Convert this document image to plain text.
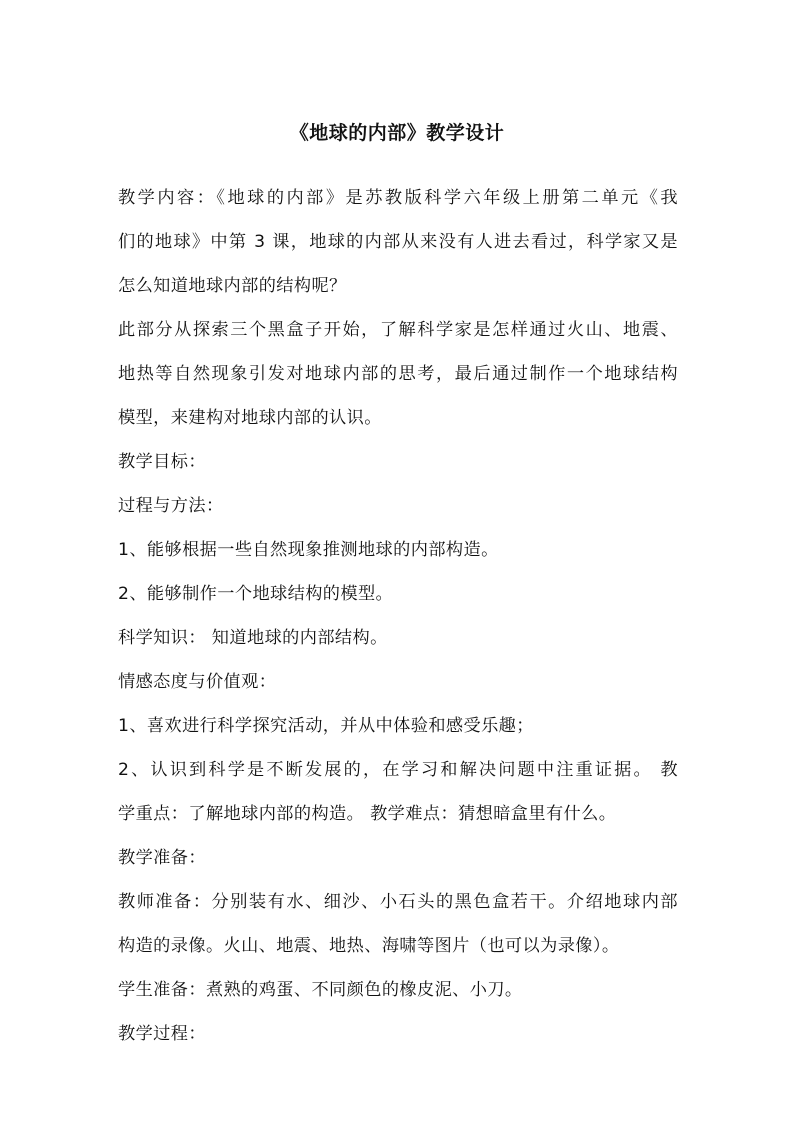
《地球的内部》教学设计
教学内容：《地球的内部》是苏教版科学六年级上册第二单元《我
们的地球》中第 3 课，地球的内部从来没有人进去看过，科学家又是
怎么知道地球内部的结构呢？
此部分从探索三个黑盒子开始，了解科学家是怎样通过火山、地震、
地热等自然现象引发对地球内部的思考，最后通过制作一个地球结构
模型，来建构对地球内部的认识。
教学目标：
过程与方法：
1、能够根据一些自然现象推测地球的内部构造。
2、能够制作一个地球结构的模型。
科学知识： 知道地球的内部结构。
情感态度与价值观：
1、喜欢进行科学探究活动，并从中体验和感受乐趣；
2、认识到科学是不断发展的，在学习和解决问题中注重证据。 教
学重点：了解地球内部的构造。 教学难点：猜想暗盒里有什么。
教学准备：
教师准备：分别装有水、细沙、小石头的黑色盒若干。介绍地球内部
构造的录像。火山、地震、地热、海啸等图片（也可以为录像）。
学生准备：煮熟的鸡蛋、不同颜色的橡皮泥、小刀。
教学过程：
